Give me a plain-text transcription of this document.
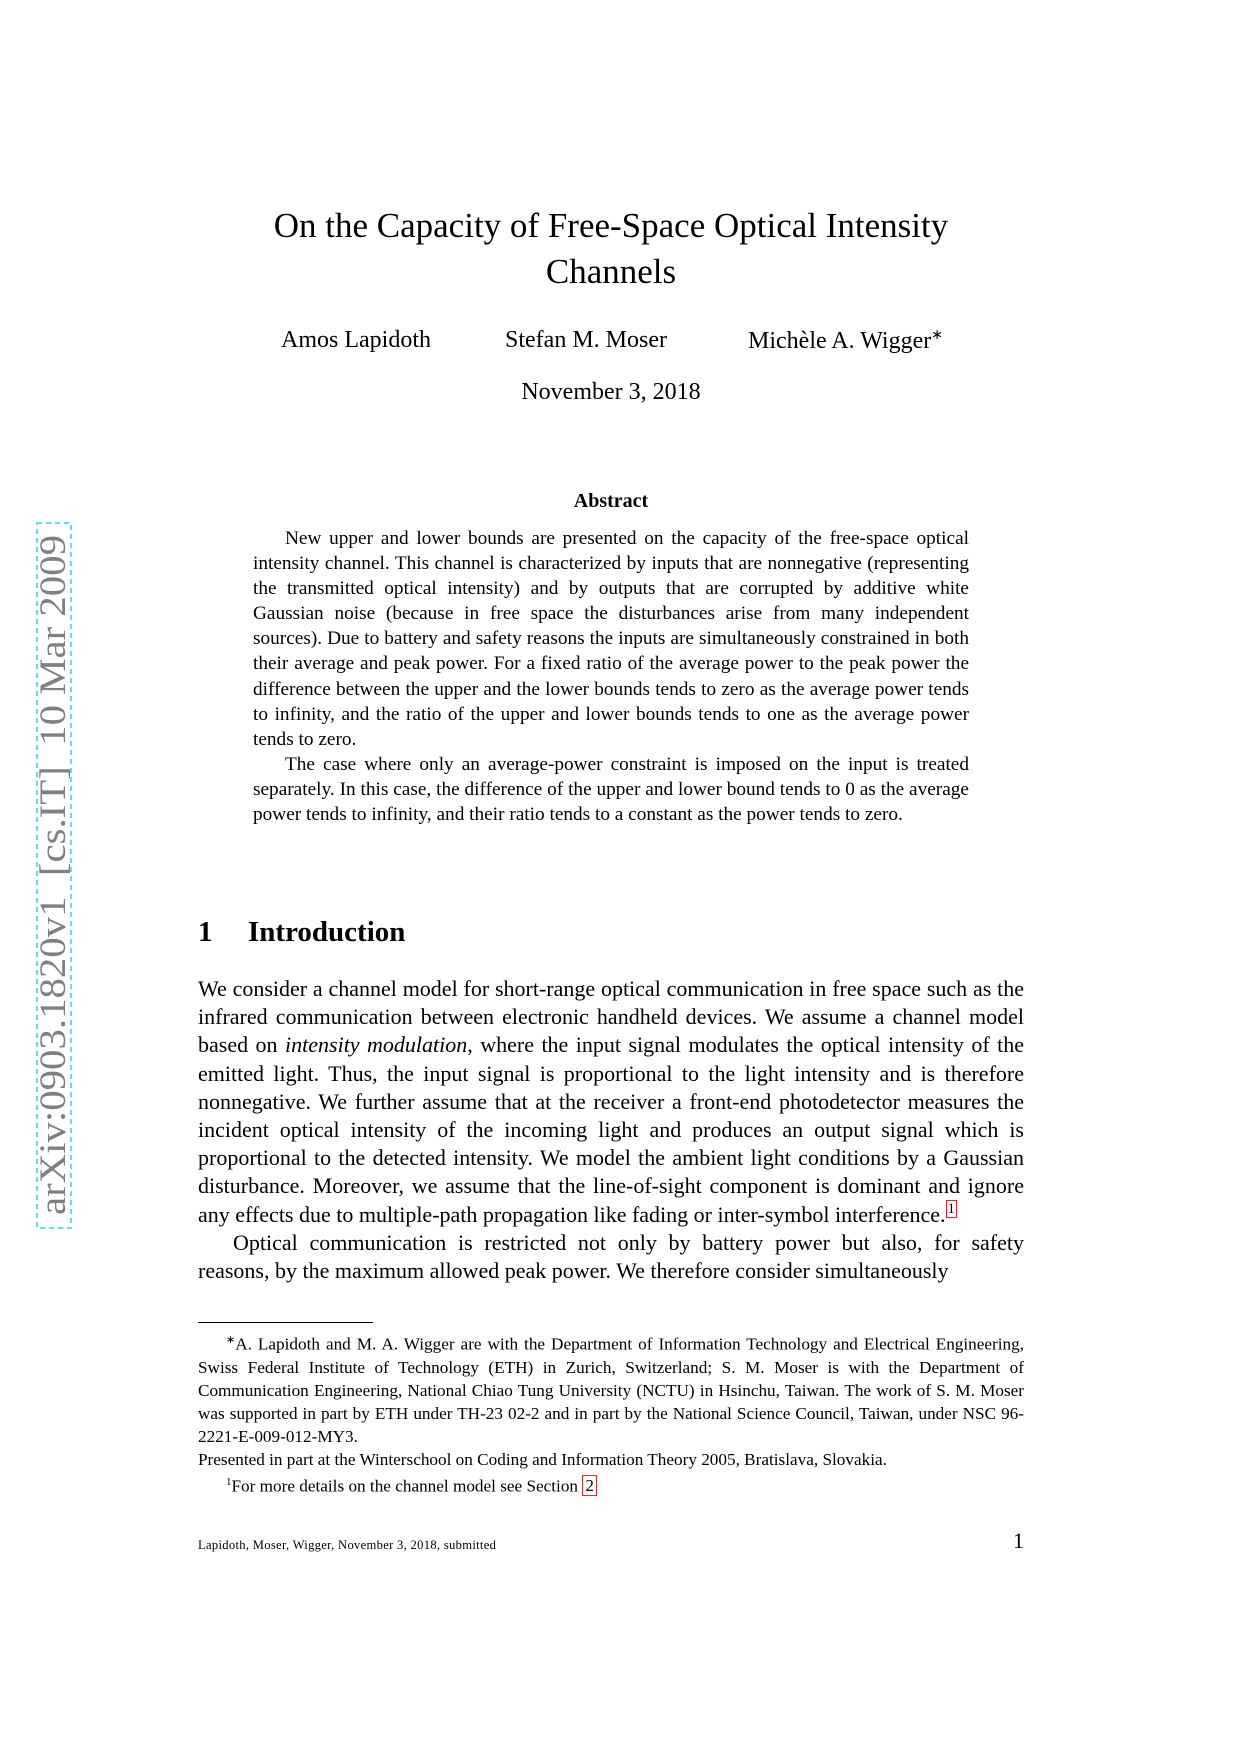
arXiv:0903.1820v1  [cs.IT]  10 Mar 2009
On the Capacity of Free-Space Optical Intensity
Channels
Amos Lapidoth	Stefan M. Moser	Michèle A. Wigger∗
November 3, 2018
Abstract

New upper and lower bounds are presented on the capacity of the free-space optical intensity channel. This channel is characterized by inputs that are nonnegative (representing the transmitted optical intensity) and by outputs that are corrupted by additive white Gaussian noise (because in free space the disturbances arise from many independent sources). Due to battery and safety reasons the inputs are simultaneously constrained in both their average and peak power. For a fixed ratio of the average power to the peak power the difference between the upper and the lower bounds tends to zero as the average power tends to infinity, and the ratio of the upper and lower bounds tends to one as the average power tends to zero.

The case where only an average-power constraint is imposed on the input is treated separately. In this case, the difference of the upper and lower bound tends to 0 as the average power tends to infinity, and their ratio tends to a constant as the power tends to zero.

1 Introduction

We consider a channel model for short-range optical communication in free space such as the infrared communication between electronic handheld devices. We assume a channel model based on intensity modulation, where the input signal modulates the optical intensity of the emitted light. Thus, the input signal is proportional to the light intensity and is therefore nonnegative. We further assume that at the receiver a front-end photodetector measures the incident optical intensity of the incoming light and produces an output signal which is proportional to the detected intensity. We model the ambient light conditions by a Gaussian disturbance. Moreover, we assume that the line-of-sight component is dominant and ignore any effects due to multiple-path propagation like fading or inter-symbol interference. $^1$

Optical communication is restricted not only by battery power but also, for safety reasons, by the maximum allowed peak power. We therefore consider simultaneously

∗A. Lapidoth and M. A. Wigger are with the Department of Information Technology and Electrical Engineering, Swiss Federal Institute of Technology (ETH) in Zurich, Switzerland; S. M. Moser is with the Department of Communication Engineering, National Chiao Tung University (NCTU) in Hsinchu, Taiwan. The work of S. M. Moser was supported in part by ETH under TH-23 02-2 and in part by the National Science Council, Taiwan, under NSC 96-2221-E-009-012-MY3.

Presented in part at the Winterschool on Coding and Information Theory 2005, Bratislava, Slovakia.

$^1$For more details on the channel model see Section 2

Lapidoth, Moser, Wigger, November 3, 2018, submitted	1
